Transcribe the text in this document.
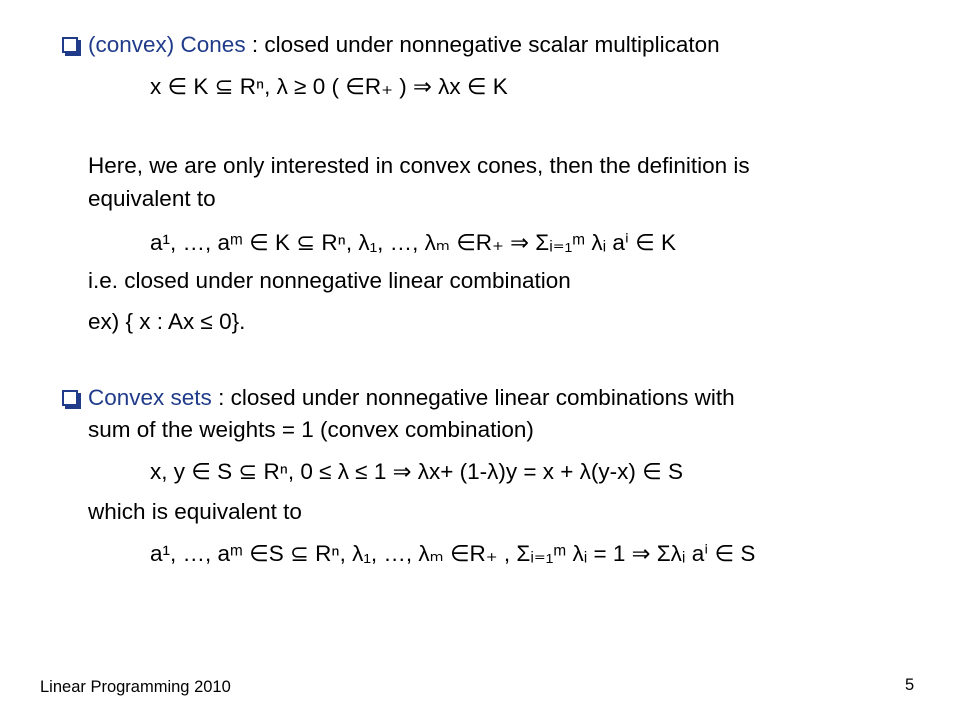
(convex) Cones : closed under nonnegative scalar multiplicaton
x ∈ K ⊆ Rⁿ, λ ≥ 0 ( ∈R₊ ) ⇒ λx ∈ K
Here, we are only interested in convex cones, then the definition is
equivalent to
a¹, …, aᵐ ∈ K ⊆ Rⁿ, λ₁, …, λₘ ∈R₊ ⇒ Σᵢ₌₁ᵐ λᵢ aⁱ ∈ K
i.e. closed under nonnegative linear combination
ex) { x : Ax ≤ 0}.
Convex sets : closed under nonnegative linear combinations with
sum of the weights = 1 (convex combination)
x, y ∈ S ⊆ Rⁿ, 0 ≤ λ ≤ 1 ⇒ λx+ (1-λ)y = x + λ(y-x) ∈ S
which is equivalent to
a¹, …, aᵐ ∈S ⊆ Rⁿ, λ₁, …, λₘ ∈R₊ , Σᵢ₌₁ᵐ λᵢ = 1 ⇒ Σλᵢ aⁱ ∈ S
Linear Programming 2010	5
